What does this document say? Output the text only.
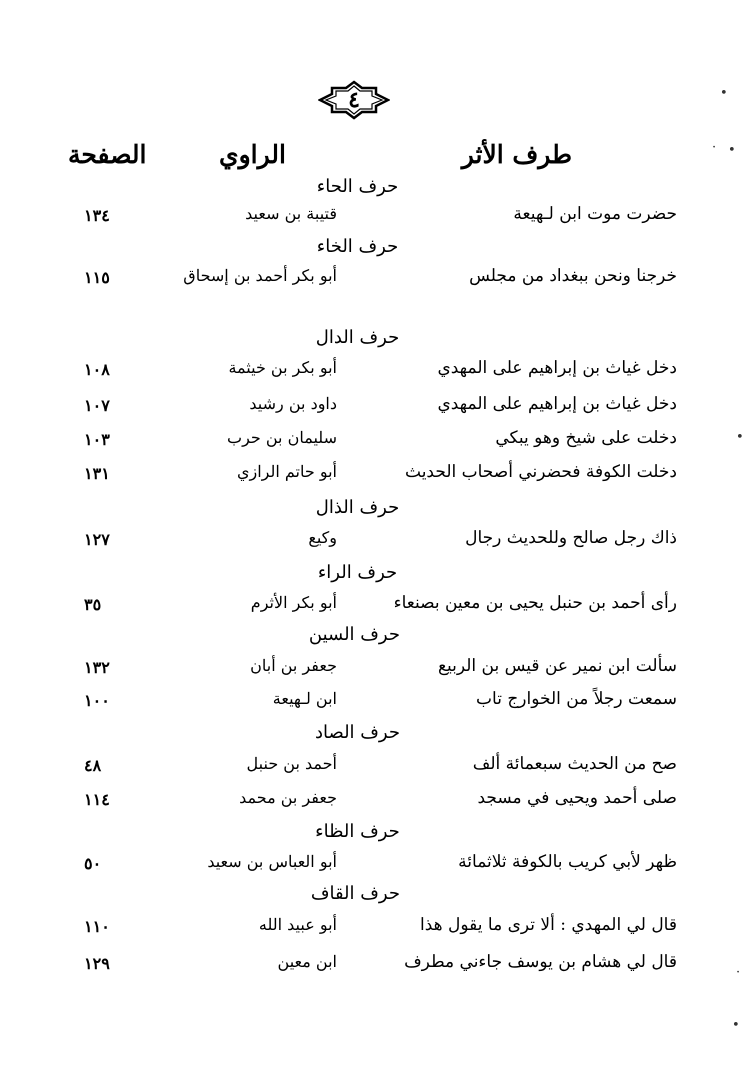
٤
طرف الأثر
الراوي
الصفحة
حرف الحاء
حضرت موت ابن لـهيعة
قتيبة بن سعيد
١٣٤
حرف الخاء
خرجنا ونحن ببغداد من مجلس
أبو بكر أحمد بن إسحاق
١١٥
حرف الدال
دخل غياث بن إبراهيم على المهدي
أبو بكر بن خيثمة
١٠٨
دخل غياث بن إبراهيم على المهدي
داود بن رشيد
١٠٧
دخلت على شيخ وهو يبكي
سليمان بن حرب
١٠٣
دخلت الكوفة فحضرني أصحاب الحديث
أبو حاتم الرازي
١٣١
حرف الذال
ذاك رجل صالح وللحديث رجال
وكيع
١٢٧
حرف الراء
رأى أحمد بن حنبل يحيى بن معين بصنعاء
أبو بكر الأثرم
٣٥
حرف السين
سألت ابن نمير عن قيس بن الربيع
جعفر بن أبان
١٣٢
سمعت رجلاً من الخوارج تاب
ابن لـهيعة
١٠٠
حرف الصاد
صح من الحديث سبعمائة ألف
أحمد بن حنبل
٤٨
صلى أحمد ويحيى في مسجد
جعفر بن محمد
١١٤
حرف الظاء
ظهر لأبي كريب بالكوفة ثلاثمائة
أبو العباس بن سعيد
٥٠
حرف القاف
قال لي المهدي : ألا ترى ما يقول هذا
أبو عبيد الله
١١٠
قال لي هشام بن يوسف جاءني مطرف
ابن معين
١٢٩
•
· •
•
·
•
